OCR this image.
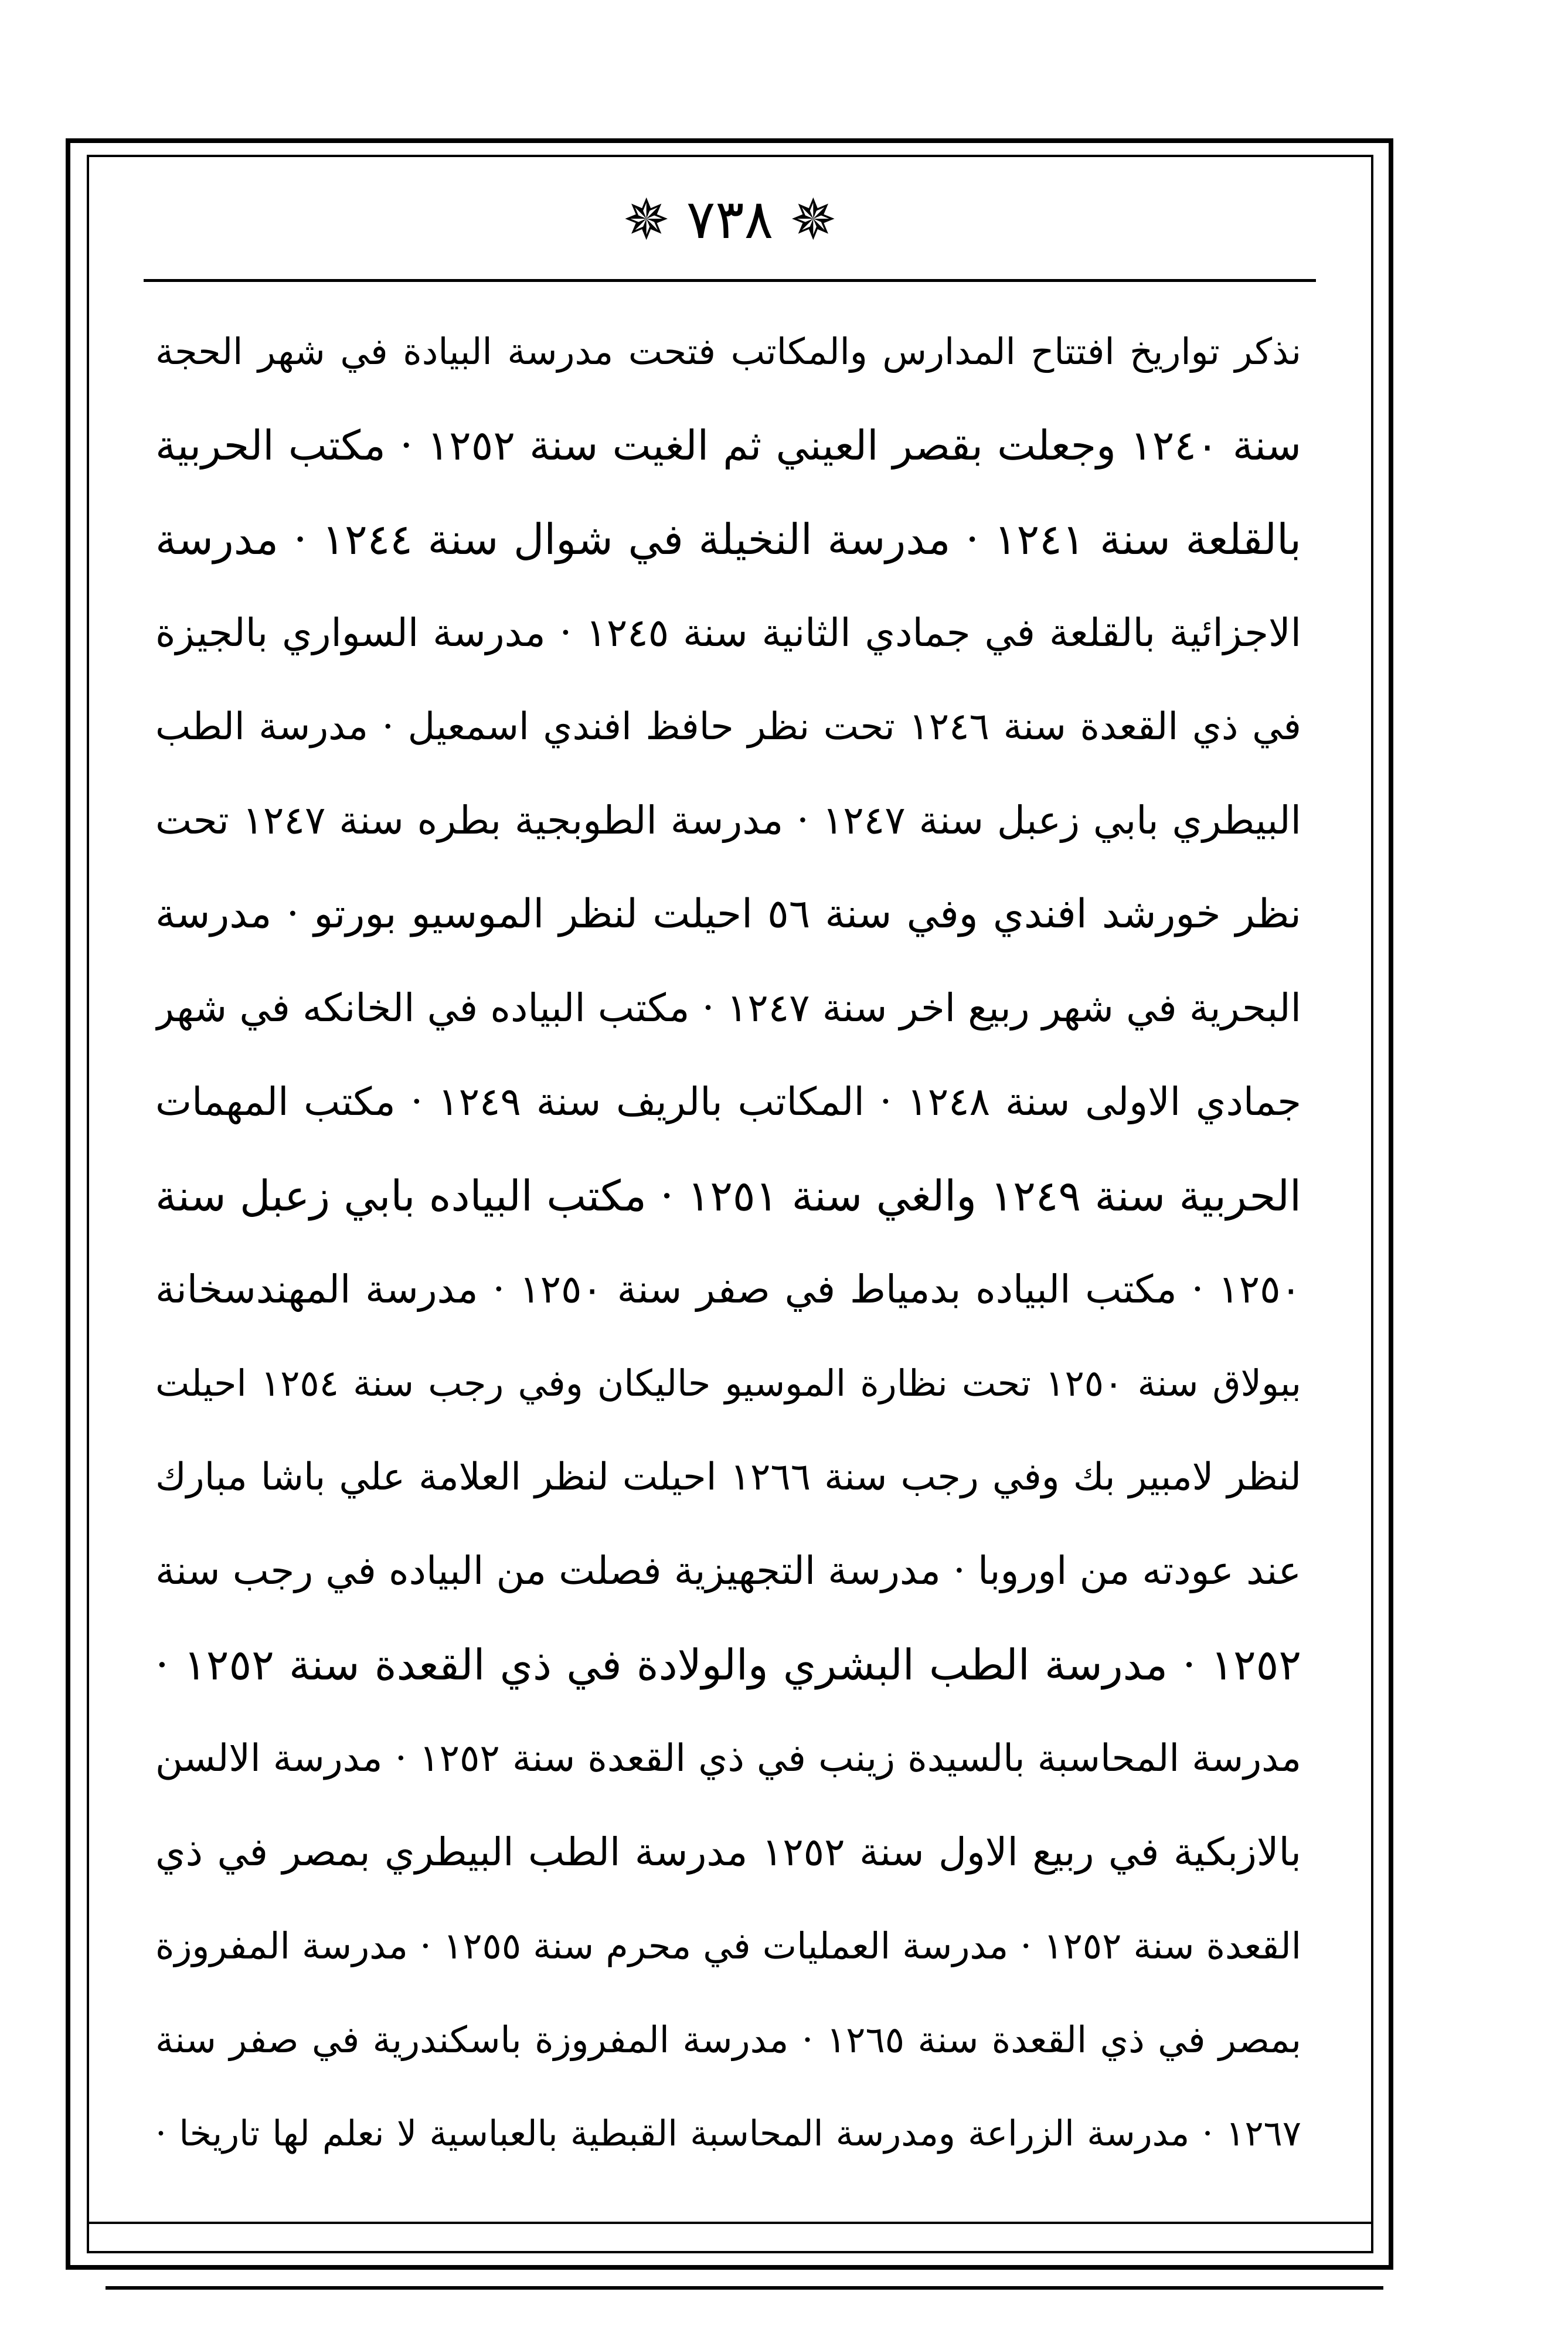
✵
٧٣٨
✵
نذكر تواريخ افتتاح المدارس والمكاتب فتحت مدرسة البيادة في شهر الحجة
سنة ١٢٤٠ وجعلت بقصر العيني ثم الغيت سنة ١٢٥٢ · مكتب الحربية
بالقلعة سنة ١٢٤١ · مدرسة النخيلة في شوال سنة ١٢٤٤ · مدرسة
الاجزائية بالقلعة في جمادي الثانية سنة ١٢٤٥ · مدرسة السواري بالجيزة
في ذي القعدة سنة ١٢٤٦ تحت نظر حافظ افندي اسمعيل · مدرسة الطب
البيطري بابي زعبل سنة ١٢٤٧ · مدرسة الطوبجية بطره سنة ١٢٤٧ تحت
نظر خورشد افندي وفي سنة ٥٦ احيلت لنظر الموسيو بورتو · مدرسة
البحرية في شهر ربيع اخر سنة ١٢٤٧ · مكتب البياده في الخانكه في شهر
جمادي الاولى سنة ١٢٤٨ · المكاتب بالريف سنة ١٢٤٩ · مكتب المهمات
الحربية سنة ١٢٤٩ والغي سنة ١٢٥١ · مكتب البياده بابي زعبل سنة
١٢٥٠ · مكتب البياده بدمياط في صفر سنة ١٢٥٠ · مدرسة المهندسخانة
ببولاق سنة ١٢٥٠ تحت نظارة الموسيو حاليكان وفي رجب سنة ١٢٥٤ احيلت
لنظر لامبير بك وفي رجب سنة ١٢٦٦ احيلت لنظر العلامة علي باشا مبارك
عند عودته من اوروبا · مدرسة التجهيزية فصلت من البياده في رجب سنة
١٢٥٢ · مدرسة الطب البشري والولادة في ذي القعدة سنة ١٢٥٢ ·
مدرسة المحاسبة بالسيدة زينب في ذي القعدة سنة ١٢٥٢ · مدرسة الالسن
بالازبكية في ربيع الاول سنة ١٢٥٢ مدرسة الطب البيطري بمصر في ذي
القعدة سنة ١٢٥٢ · مدرسة العمليات في محرم سنة ١٢٥٥ · مدرسة المفروزة
بمصر في ذي القعدة سنة ١٢٦٥ · مدرسة المفروزة باسكندرية في صفر سنة
١٢٦٧ · مدرسة الزراعة ومدرسة المحاسبة القبطية بالعباسية لا نعلم لها تاريخا ·
